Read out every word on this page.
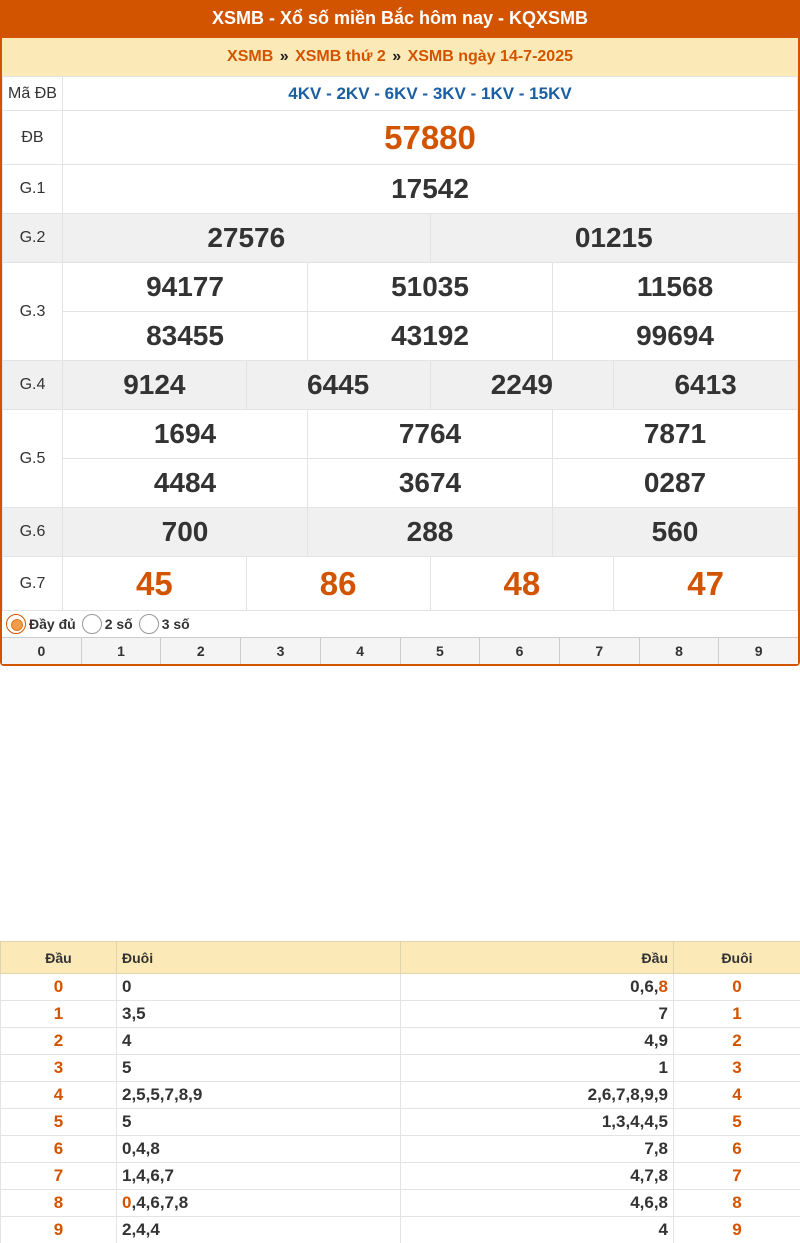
XSMB - Xổ số miền Bắc hôm nay - KQXSMB
XSMB » XSMB thứ 2 » XSMB ngày 14-7-2025
Mã ĐB	4KV - 2KV - 6KV - 3KV - 1KV - 15KV					
ĐB	57880					
G.1	17542					
G.2	27576			01215		
G.3	94177		51035		11568	
	83455		43192		99694	
G.4	9124	6445		2249		6413
G.5	1694		7764		7871	
	4484		3674		0287	
G.6	700		288		560	
G.7	45	86		48		47
Đầy đủ 2 số 3 số
0	1	2	3	4	5	6	7	8	9
Đầu	Đuôi	Đầu	Đuôi
0	0	0,6,8	0
1	3,5	7	1
2	4	4,9	2
3	5	1	3
4	2,5,5,7,8,9	2,6,7,8,9,9	4
5	5	1,3,4,4,5	5
6	0,4,8	7,8	6
7	1,4,6,7	4,7,8	7
8	0,4,6,7,8	4,6,8	8
9	2,4,4	4	9
